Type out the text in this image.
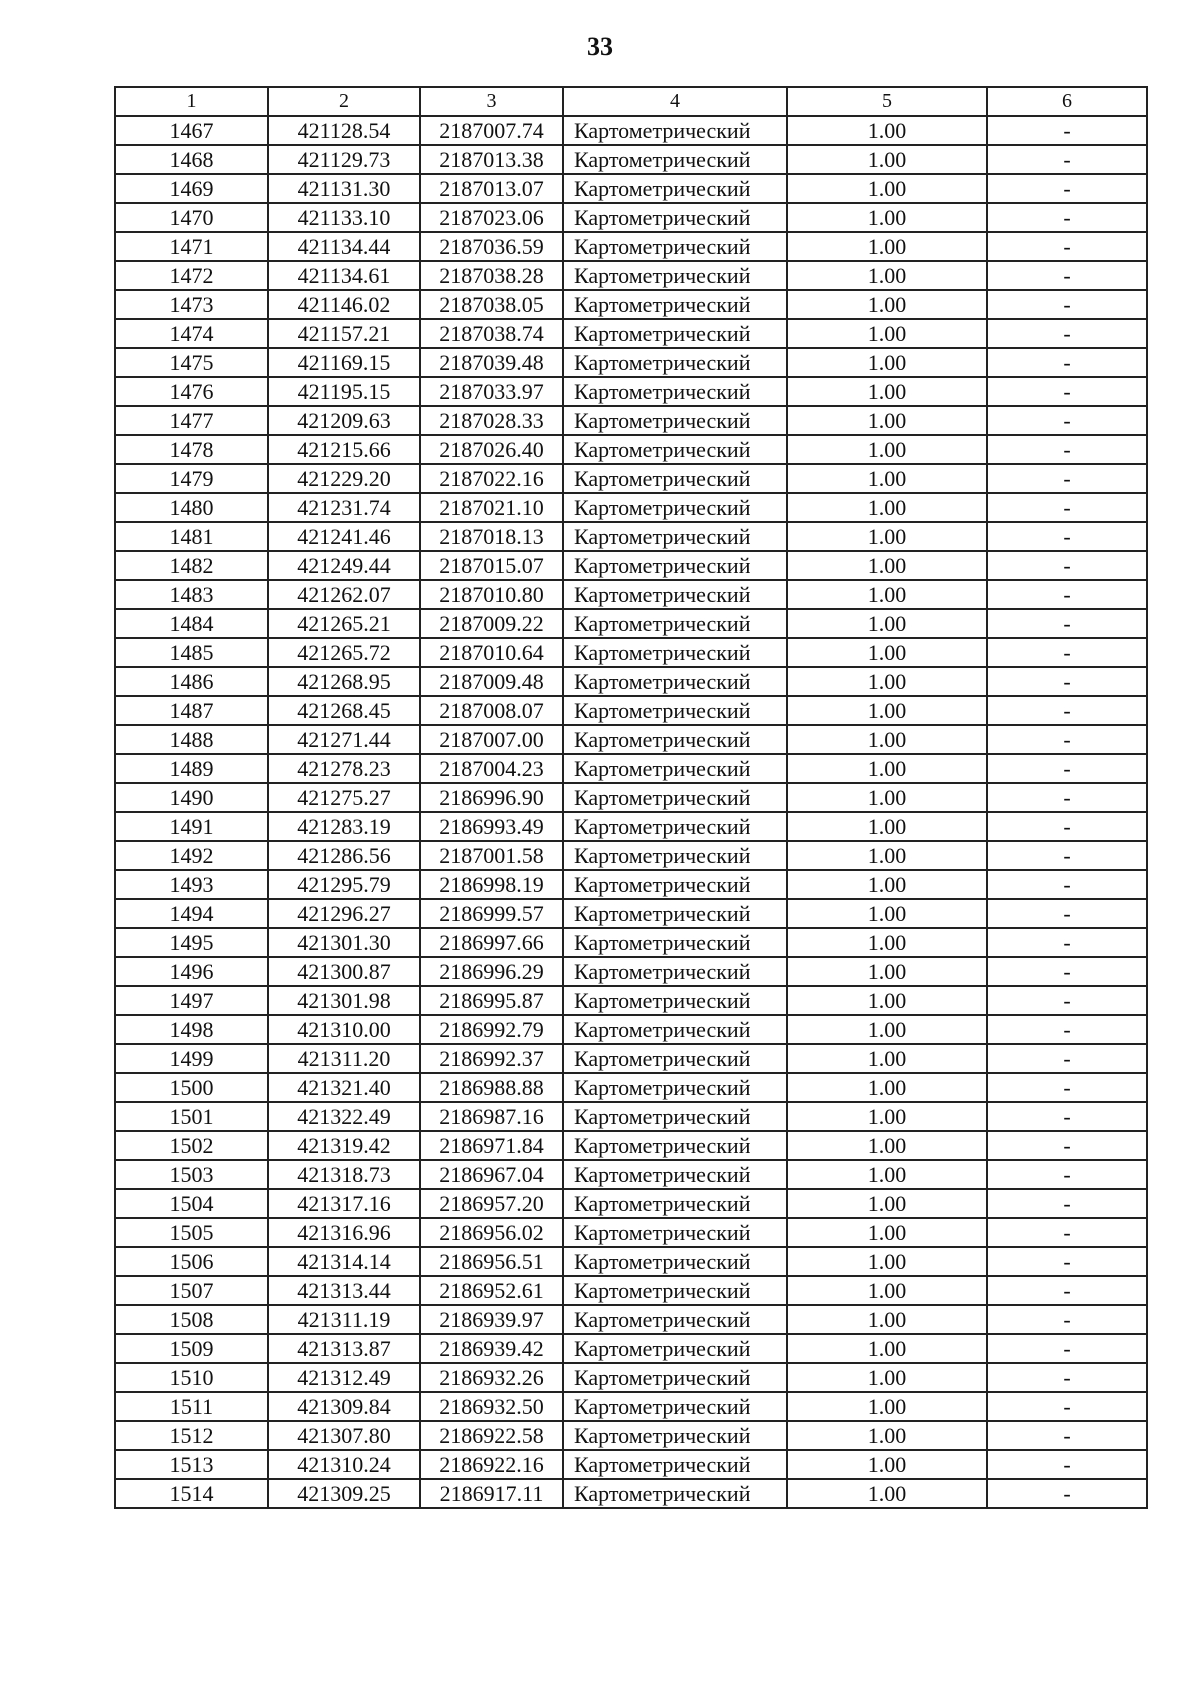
33
1	2	3	4	5	6
1467	421128.54	2187007.74	Картометрический	1.00	-
1468	421129.73	2187013.38	Картометрический	1.00	-
1469	421131.30	2187013.07	Картометрический	1.00	-
1470	421133.10	2187023.06	Картометрический	1.00	-
1471	421134.44	2187036.59	Картометрический	1.00	-
1472	421134.61	2187038.28	Картометрический	1.00	-
1473	421146.02	2187038.05	Картометрический	1.00	-
1474	421157.21	2187038.74	Картометрический	1.00	-
1475	421169.15	2187039.48	Картометрический	1.00	-
1476	421195.15	2187033.97	Картометрический	1.00	-
1477	421209.63	2187028.33	Картометрический	1.00	-
1478	421215.66	2187026.40	Картометрический	1.00	-
1479	421229.20	2187022.16	Картометрический	1.00	-
1480	421231.74	2187021.10	Картометрический	1.00	-
1481	421241.46	2187018.13	Картометрический	1.00	-
1482	421249.44	2187015.07	Картометрический	1.00	-
1483	421262.07	2187010.80	Картометрический	1.00	-
1484	421265.21	2187009.22	Картометрический	1.00	-
1485	421265.72	2187010.64	Картометрический	1.00	-
1486	421268.95	2187009.48	Картометрический	1.00	-
1487	421268.45	2187008.07	Картометрический	1.00	-
1488	421271.44	2187007.00	Картометрический	1.00	-
1489	421278.23	2187004.23	Картометрический	1.00	-
1490	421275.27	2186996.90	Картометрический	1.00	-
1491	421283.19	2186993.49	Картометрический	1.00	-
1492	421286.56	2187001.58	Картометрический	1.00	-
1493	421295.79	2186998.19	Картометрический	1.00	-
1494	421296.27	2186999.57	Картометрический	1.00	-
1495	421301.30	2186997.66	Картометрический	1.00	-
1496	421300.87	2186996.29	Картометрический	1.00	-
1497	421301.98	2186995.87	Картометрический	1.00	-
1498	421310.00	2186992.79	Картометрический	1.00	-
1499	421311.20	2186992.37	Картометрический	1.00	-
1500	421321.40	2186988.88	Картометрический	1.00	-
1501	421322.49	2186987.16	Картометрический	1.00	-
1502	421319.42	2186971.84	Картометрический	1.00	-
1503	421318.73	2186967.04	Картометрический	1.00	-
1504	421317.16	2186957.20	Картометрический	1.00	-
1505	421316.96	2186956.02	Картометрический	1.00	-
1506	421314.14	2186956.51	Картометрический	1.00	-
1507	421313.44	2186952.61	Картометрический	1.00	-
1508	421311.19	2186939.97	Картометрический	1.00	-
1509	421313.87	2186939.42	Картометрический	1.00	-
1510	421312.49	2186932.26	Картометрический	1.00	-
1511	421309.84	2186932.50	Картометрический	1.00	-
1512	421307.80	2186922.58	Картометрический	1.00	-
1513	421310.24	2186922.16	Картометрический	1.00	-
1514	421309.25	2186917.11	Картометрический	1.00	-
